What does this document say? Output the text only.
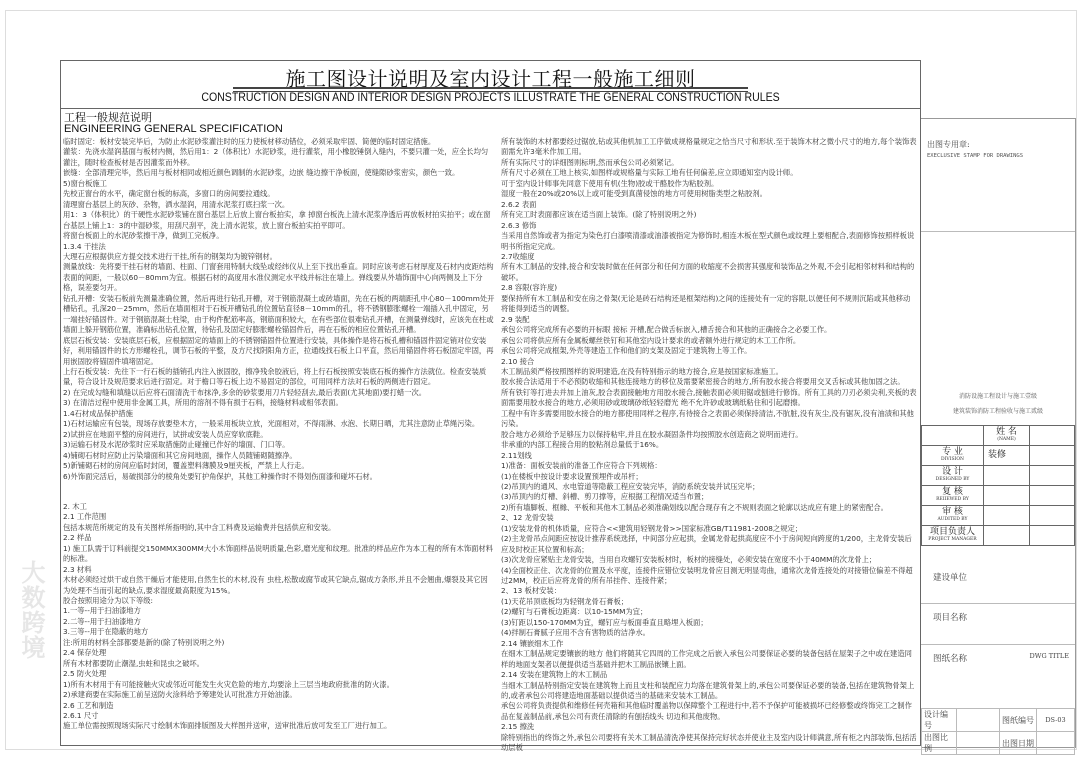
施工图设计说明及室内设计工程一般施工细则
CONSTRUCTION DESIGN AND INTERIOR DESIGN PROJECTS ILLUSTRATE THE GENERAL CONSTRUCTION RULES
工程一般规范说明
ENGINEERING GENERAL SPECIFICATION

临时固定：板材安装完毕后，为防止水泥砂浆灌注时的压力使板材移动错位，必须采取牢固、简便的临时固定措施。

灌浆：先浇水湿润基面与板材内侧，然后用1：2（体积比）水泥砂浆，进行灌浆，用小橡胶锤倒入缝内，不要只灌一处，应全长均匀灌注，随时检查板材是否因灌浆而外移。

嵌缝：全部清理完毕，然后用与板材相同或相近颜色调制的水泥砂浆，边嵌 缝边擦干净板面，使缝隙砂浆密实，颜色一致。

5)窗台板施工

先校正窗台的水平，确定窗台板的标高，多窗口的房间要拉通线。

清理窗台基层上的灰砂、杂物，洒水湿润，用清水泥浆打底扫浆一次。

用1：3（体积比）的干硬性水泥砂浆铺在窗台基层上后放上窗台板拍实，拿 掉窗台板洗上清水泥浆净透后再放板材拍实拍平；或在窗台基层上铺上1：3的中湿砂浆，用刮尺刮平，洗上清水泥浆，放上窗台板拍实拍平即可。

将窗台板面上的水泥砂浆擦干净，做到工完板净。

1.3.4 干挂法

大理石应根据供应方提交技术进行干挂,所有的钢架均为镀锌钢材。

测量放线：先将要干挂石材的墙面、柱面、门窗套用特制大线坠或经纬仪从上至下找出垂直。同时应该考虑石材厚度及石材内皮距结构表面的间距，一般以60－80mm为宜。根据石材的高度用水准仪测定水平线并标注在墙上。弹线要从外墙饰面中心向两侧及上下分格，误差要匀开。

钻孔开槽：安装石板前先测量准确位置，然后再进行钻孔开槽，对于钢筋混凝土或砖墙面，先在石板的两端距孔中心80－100mm处开槽钻孔，孔深20－25mm，然后在墙面相对于石板开槽钻孔的位置钻直径8－10mm的孔，将不锈钢膨胀螺栓一端插入孔中固定，另一端挂好锚固件。对于钢筋混凝土柱梁，由于构件配筋率高，钢筋面积较大，在有些部位很难钻孔开槽，在测量弹线时，应该先在柱或墙面上躲开钢筋位置，准确标出钻孔位置，待钻孔及固定好膨胀螺栓锚固件后，再在石板的相应位置钻孔开槽。

底层石板安装：安装底层石板，应根据固定的墙面上的不锈钢锚固件位置进行安装，具体操作是将石板孔槽和锚固件固定销对位安装好，利用锚固件的长方形螺栓孔，调节石板的平整，及方尺找阴阳角方正，拉通线找石板上口平直，然后用锚固件将石板固定牢固，再用嵌固胶将锚固件填堵固定。

上行石板安装：先往下一行石板的插销孔内注入嵌固胶，擦净残余胶液后，将上行石板按照安装底石板的操作方法就位。检查安装质量，符合设计及规范要求后进行固定。对于檐口等石板上边不易固定的部位，可用同样方法对石板的两侧进行固定。

2) 在完成勾缝和填缝以后应将石面清洗干布抹净,多余的砂浆要用刀片轻轻刮去,最后表面(尤其地面)要打蜡一次。

3) 在清洁过程中使用非金属工具，所用的溶剂不得有损于石料，接缝材料或相邻表面。

1.4石材成品保护措施

1)石材运输应有包装，现场存放要垫木方，一般采用板块立放，光面相对，不得雨淋、水泡、长期日晒，尤其注意防止草绳污染。

2)试拼应在地面平整的房间进行，试拼或安装人员应穿软底鞋。

3)运输石材及水泥砂浆时应采取措施防止碰撞已作好的墙面、门口等。

4)铺砌石材时应防止污染墙面和其它房间地面，操作人员随铺砌随擦净。

5)新铺砌石材的房间应临时封闭，覆盖塑料薄膜及9厘夹板，严禁上人行走。

6)外饰面完活后，易破损部分的棱角处要钉护角保护，其他工种操作时不得划伤面漆和碰坏石材。

2. 木工

2.1 工作范围

包括本规范所规定的及有关图样所指明的,其中含工料费及运输费并包括供应和安装。

2.2 样品

1) 施工队需于订料前提交150MMX300MM大小木饰面样品说明质量,色彩,磨光度和纹理。批准的样品应作为本工程的所有木饰面材料的标准。

2.3 材料

木材必须经过烘干或自然干燥后才能使用,自然生长的木材,没有 虫柱,松散或腐节或其它缺点,锯成方条形,并且不会翘曲,爆裂及其它因为处理不当而引起的缺点,要求湿度最高限度为15%。

胶合按照用途分为以下等级:

1.一等--用于扫油漆地方

2.二等--用于扫油漆地方

3.三等--用于在隐蔽的地方

注:所用的材料全部都要是新的(除了特别说明之外)

2.4 保存处理

所有木材都要防止潮湿,虫蛀和昆虫之破坏。

2.5 防火处理

1)所有木材用于有可能接触火灾或邻近可能发生火灾危险的地方,均要涂上三层当地政府批准的防火漆。

2)承建商要在实际施工前呈送防火涂料给予筹建处认可批准方开始油漆。

2.6 工艺和制造

2.6.1 尺寸

施工单位需按照现场实际尺寸绘制木饰面排版图及大样图并送审，送审批准后放可发至工厂进行加工。

所有装饰的木材都要经过锯放,钻或其他机加工工序做成规格量规定之恰当尺寸和形状.至于装饰木材之微小尺寸的地方,每个装饰表面需允许3毫米作加工用。

所有实际尺寸的详细图则标明,然而承包公司必须紧记。

所有尺寸必须在工地上核实,如图样或规格量与实际工地有任何偏差,应立即通知室内设计师。

可于室内设计师事先同意下使用有机(生物)胶或干酪胶作为粘胶剂。

湿度一般在20%或20%以上或可能受到真菌侵蚀的地方可使用树脂类型之粘胶剂。

2.6.2 表面

所有完工时表面都应该在适当面上装饰。(除了特别说明之外)

2.6.3 修饰

当采用自然饰或者为指定为染色打白漆喷清漆或油漆被指定为修饰时,相连木板在型式颜色或纹理上要相配合,表面修饰按照样板说明书所指定完成。

2.7收缩度

所有木工制品的安排,接合和安装时做在任何部分和任何方面的收缩度不会损害其强度和装饰品之外观,不会引起相邻材料和结构的破坏。

2.8 容限(容许度)

要保持所有木工制品和安在房之骨架(无论是砖石结构还是框架结构)之间的连接处有一定的容限,以便任何不规则沉陷或其他移动将能得到适当的调整。

2.9 装配

承包公司将完成所有必要的开标眼 接标 开槽,配合做舌标嵌入,槽舌接合和其他的正确接合之必要工作。

承包公司将供应所有金属板螺丝铁钉和其他室内设计要求的或者额外进行规定的木工工作所。

承包公司将完成框架,外壳等建造工作和他们的支架及固定于建筑物上等工作。

2.10 接合

木工制品须严格按照图样的说明建造,在没有特别指示的地方接合,应是按国家标准施工。

胶水接合法适用于不必预防收缩和其他连接地方的移位及需要紧密接合的地方,所有胶水接合将要用交叉舌标或其他加固之法。

所有铁钉等打进去并加上油灰,胶合表面接触地方用胶水接合,接触表面必须用锯或刨进行修饰。所有工具的刀刃必须尖利,夹板的表面需要用胶水接合的地方,必须用砂或玻璃砂纸轻轻磨光 绝不允许砂或玻璃纸粘住和引起磨擦。

工程中有许多需要用胶水接合的地方都使用同样之程序,有待接合之表面必须保持清洁,不肮脏,没有灰尘,没有锯灰,没有油渍和其他污染。

胶合地方必须给予足够压力以保持粘牢,并且在胶水凝固条件均按照胶水创造商之说明而进行。

非承重的内部工程接合用的胶粘剂总量低于16%。

2.11划线

1)准备：面板安装前的准备工作应符合下列规格：

(1)在楼板中按设计要求设置预埋件或吊杆；

(2)吊顶内的通风、水电管道等隐蔽工程应安装完毕，消防系统安装并试压完毕；

(3)吊顶内的灯槽、斜槽、剪刀撑等，应根据工程情况适当布置；

2)所有墙脚板、框橼、平板和其他木工制品必须准确划线以配合现存有之不规则表面之轮廓以达成应有建上的紧密配合。

2、12 龙骨安装

(1)安装龙骨的机体质量，应符合<<建筑用轻钢龙骨>>国家标准GB/T11981-2008之规定；

(2)主龙骨吊点间距应按设计推荐系统选择，中间部分应起拱，金属龙骨起拱高度应不小于房间短向跨度的1/200，主龙骨安装后应及时校正其位置和标高；

(3)次龙骨应紧贴主龙骨安装，当用自攻螺钉安装板材时，板材的接缝处，必须安装在宽度不小于40MM的次龙骨上；

(4)全面校正住、次龙骨的位置及水平度，连接件应错位安装明龙骨应目测无明显弯曲，通常次龙骨连接处的对接错位偏差不得超过2MM，校正后应将龙骨的所有吊挂件、连接件紧；

2、13 板材安装：

(1)天花吊顶底板均为轻钢龙骨石膏板；

(2)螺钉与石膏板边距离：以10-15MM为宜；

(3)钉距以150-170MM为宜，螺钉应与板面垂直且略埋入板面；

(4)拌制石膏腻子应用不含有害物质的洁净水。

2.14 镶嵌细木工作

在细木工制品规定要镶嵌的地方 他们将随其它四周的工作完成之后嵌入承包公司要保证必要的装备包括在屋架子之中或在建造同样的地面支架者以便提供适当基础并把木工制品嵌镶上面。

2.14 安装在建筑物上的木工制品

当细木工制品特别指定安装在建筑物上而且支柱和装配应力均落在建筑骨架上的,承包公司要保证必要的装备,包括在建筑物骨架上的,或者承包公司将建造地面基础以提供适当的基础来安装木工制品。

承包公司将负责提供和维修任何壳箱和其他临时覆盖物以保障整个工程进行中,若不予保护可能被损坏已经修整或终饰完工之制作品在复盖制品前,承包公司有责任清除的有刨括线头 切边和其他废物。

2.15 擦洗

除特别指出的终饰之外,承包公司要将有关木工制品清洗净使其保持完好状态并使业主及室内设计师满意,所有柜之内部装饰,包括活动层板

出图专用章:
EXECLUSIVE STAMP FOR DRAWINGS
消防设施工程设计与施工壹级
建筑装饰消防工程验收与施工贰级
	姓 名
(NAME)	

专 业
DIVISION	装修	
设 计
DESIGNED BY		

复 核
REIIEWED BY		

审 核
AUDITED BY		

项目负责人
PROJECT MANAGER		

建设单位
项目名称
图纸名称	DWG TITLE
设计编号		图纸编号	DS-03
出图比例		出图日期	
大数跨境
